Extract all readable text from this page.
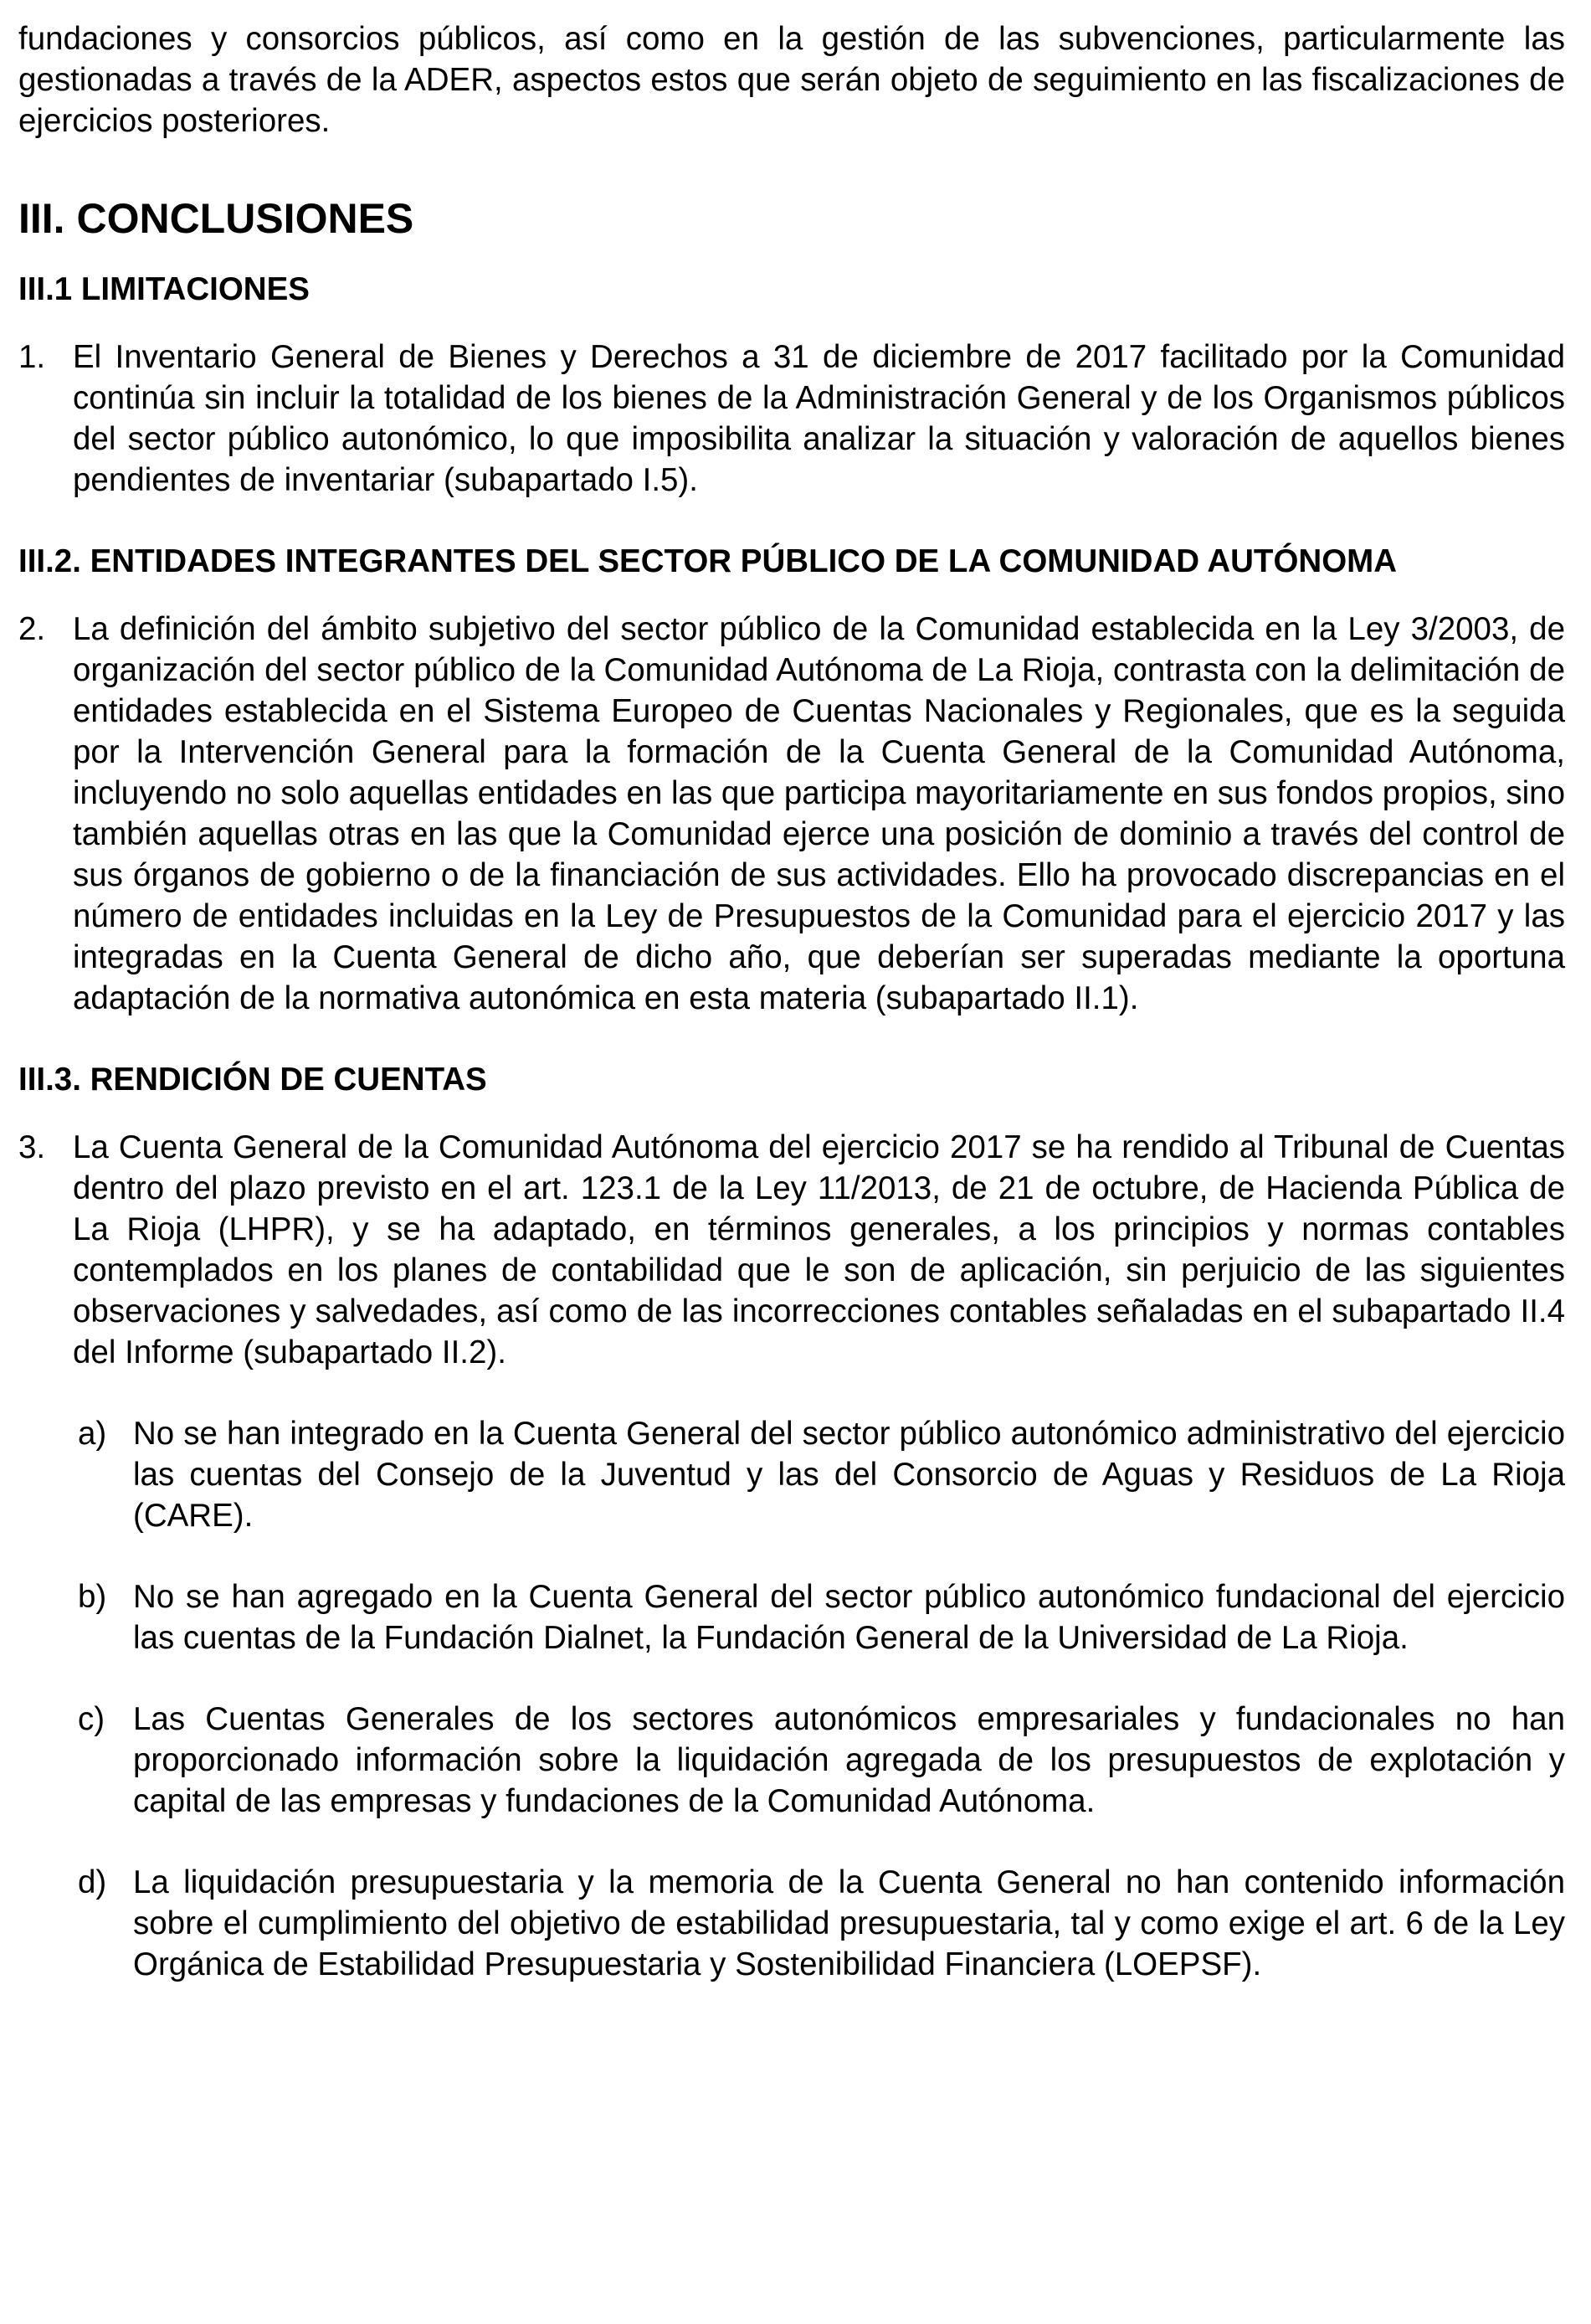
fundaciones y consorcios públicos, así como en la gestión de las subvenciones, particularmente las gestionadas a través de la ADER, aspectos estos que serán objeto de seguimiento en las fiscalizaciones de ejercicios posteriores.

III. CONCLUSIONES
III.1 LIMITACIONES
1. El Inventario General de Bienes y Derechos a 31 de diciembre de 2017 facilitado por la Comunidad continúa sin incluir la totalidad de los bienes de la Administración General y de los Organismos públicos del sector público autonómico, lo que imposibilita analizar la situación y valoración de aquellos bienes pendientes de inventariar (subapartado I.5).

III.2. ENTIDADES INTEGRANTES DEL SECTOR PÚBLICO DE LA COMUNIDAD AUTÓNOMA
2. La definición del ámbito subjetivo del sector público de la Comunidad establecida en la Ley 3/2003, de organización del sector público de la Comunidad Autónoma de La Rioja, contrasta con la delimitación de entidades establecida en el Sistema Europeo de Cuentas Nacionales y Regionales, que es la seguida por la Intervención General para la formación de la Cuenta General de la Comunidad Autónoma, incluyendo no solo aquellas entidades en las que participa mayoritariamente en sus fondos propios, sino también aquellas otras en las que la Comunidad ejerce una posición de dominio a través del control de sus órganos de gobierno o de la financiación de sus actividades. Ello ha provocado discrepancias en el número de entidades incluidas en la Ley de Presupuestos de la Comunidad para el ejercicio 2017 y las integradas en la Cuenta General de dicho año, que deberían ser superadas mediante la oportuna adaptación de la normativa autonómica en esta materia (subapartado II.1).

III.3. RENDICIÓN DE CUENTAS
3. La Cuenta General de la Comunidad Autónoma del ejercicio 2017 se ha rendido al Tribunal de Cuentas dentro del plazo previsto en el art. 123.1 de la Ley 11/2013, de 21 de octubre, de Hacienda Pública de La Rioja (LHPR), y se ha adaptado, en términos generales, a los principios y normas contables contemplados en los planes de contabilidad que le son de aplicación, sin perjuicio de las siguientes observaciones y salvedades, así como de las incorrecciones contables señaladas en el subapartado II.4 del Informe (subapartado II.2).

a) No se han integrado en la Cuenta General del sector público autonómico administrativo del ejercicio las cuentas del Consejo de la Juventud y las del Consorcio de Aguas y Residuos de La Rioja (CARE).

b) No se han agregado en la Cuenta General del sector público autonómico fundacional del ejercicio las cuentas de la Fundación Dialnet, la Fundación General de la Universidad de La Rioja.

c) Las Cuentas Generales de los sectores autonómicos empresariales y fundacionales no han proporcionado información sobre la liquidación agregada de los presupuestos de explotación y capital de las empresas y fundaciones de la Comunidad Autónoma.

d) La liquidación presupuestaria y la memoria de la Cuenta General no han contenido información sobre el cumplimiento del objetivo de estabilidad presupuestaria, tal y como exige el art. 6 de la Ley Orgánica de Estabilidad Presupuestaria y Sostenibilidad Financiera (LOEPSF).
